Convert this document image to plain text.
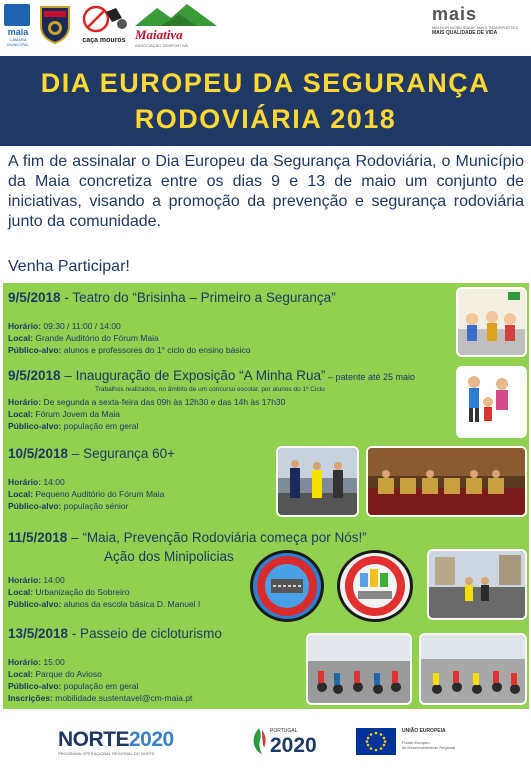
maia
CÂMARA MUNICIPAL
caça mouros Maiativa
ASSOCIAÇÃO DESPORTIVA
mais
MELHOR MOBILIDADE, MAIS TRANSPORTES
MAIS QUALIDADE DE VIDA
DIA EUROPEU DA SEGURANÇA
RODOVIÁRIA 2018
A fim de assinalar o Dia Europeu da Segurança Rodoviária, o Município da Maia concretiza entre os dias 9 e 13 de maio um conjunto de iniciativas, visando a promoção da prevenção e segurança rodoviária junto da comunidade.
Venha Participar!
9/5/2018 - Teatro do “Brisinha – Primeiro a Segurança”
Horário: 09:30 / 11:00 / 14:00
Local: Grande Auditório do Fórum Maia
Público-alvo: alunos e professores do 1° ciclo do ensino básico
9/5/2018 – Inauguração de Exposição “A Minha Rua” – patente até 25 maio
Trabalhos realizados, no âmbito de um concurso escolar, por alunos do 1º Ciclo
Horário: De segunda a sexta-feira das 09h às 12h30 e das 14h às 17h30
Local: Fórum Jovem da Maia
Público-alvo: população em geral
10/5/2018 – Segurança 60+
Horário: 14:00
Local: Pequeno Auditório do Fórum Maia
Público-alvo: população sénior
11/5/2018 – “Maia, Prevenção Rodoviária começa por Nós!”
Ação dos Minipolicias
Horário: 14:00
Local: Urbanização do Sobreiro
Público-alvo: alunos da escola básica D. Manuel I
13/5/2018 - Passeio de cicloturismo
Horário: 15:00
Local: Parque do Avioso
Público-alvo: população em geral
Inscrições: mobilidade.sustentavel@cm-maia.pt
NORTE2020
PROGRAMA OPERACIONAL REGIONAL DO NORTE
PORTUGAL
2020
UNIÃO EUROPEIA
Fundo Europeu
de Desenvolvimento Regional
